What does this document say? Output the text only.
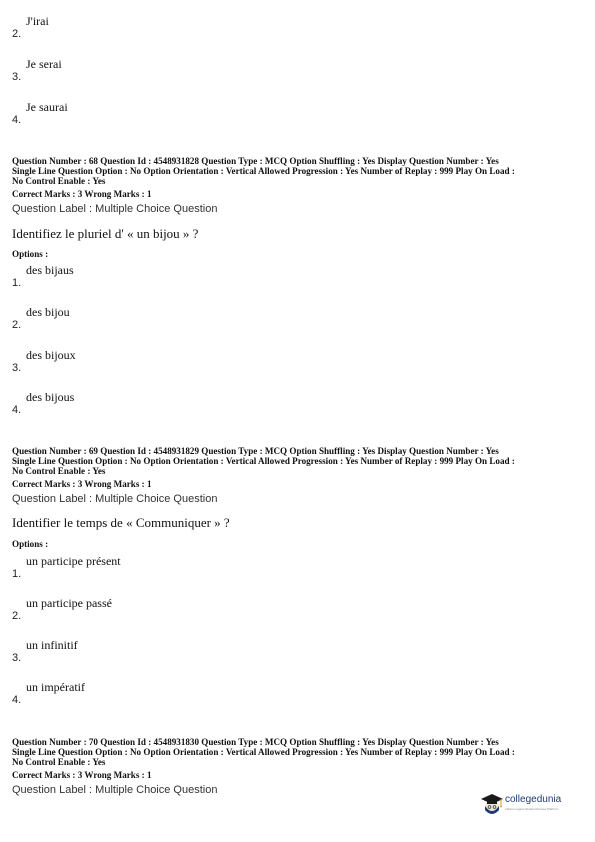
J'irai
2.
Je serai
3.
Je saurai
4.
Question Number : 68 Question Id : 4548931828 Question Type : MCQ Option Shuffling : Yes Display Question Number : Yes
Single Line Question Option : No Option Orientation : Vertical Allowed Progression : Yes Number of Replay : 999 Play On Load :
No Control Enable : Yes
Correct Marks : 3 Wrong Marks : 1
Question Label : Multiple Choice Question
Identifiez le pluriel d' « un bijou » ?
Options :
des bijaus
1.
des bijou
2.
des bijoux
3.
des bijous
4.
Question Number : 69 Question Id : 4548931829 Question Type : MCQ Option Shuffling : Yes Display Question Number : Yes
Single Line Question Option : No Option Orientation : Vertical Allowed Progression : Yes Number of Replay : 999 Play On Load :
No Control Enable : Yes
Correct Marks : 3 Wrong Marks : 1
Question Label : Multiple Choice Question
Identifier le temps de « Communiquer » ?
Options :
un participe présent
1.
un participe passé
2.
un infinitif
3.
un impératif
4.
Question Number : 70 Question Id : 4548931830 Question Type : MCQ Option Shuffling : Yes Display Question Number : Yes
Single Line Question Option : No Option Orientation : Vertical Allowed Progression : Yes Number of Replay : 999 Play On Load :
No Control Enable : Yes
Correct Marks : 3 Wrong Marks : 1
Question Label : Multiple Choice Question
collegedunia
India's Largest Student Review Platform
